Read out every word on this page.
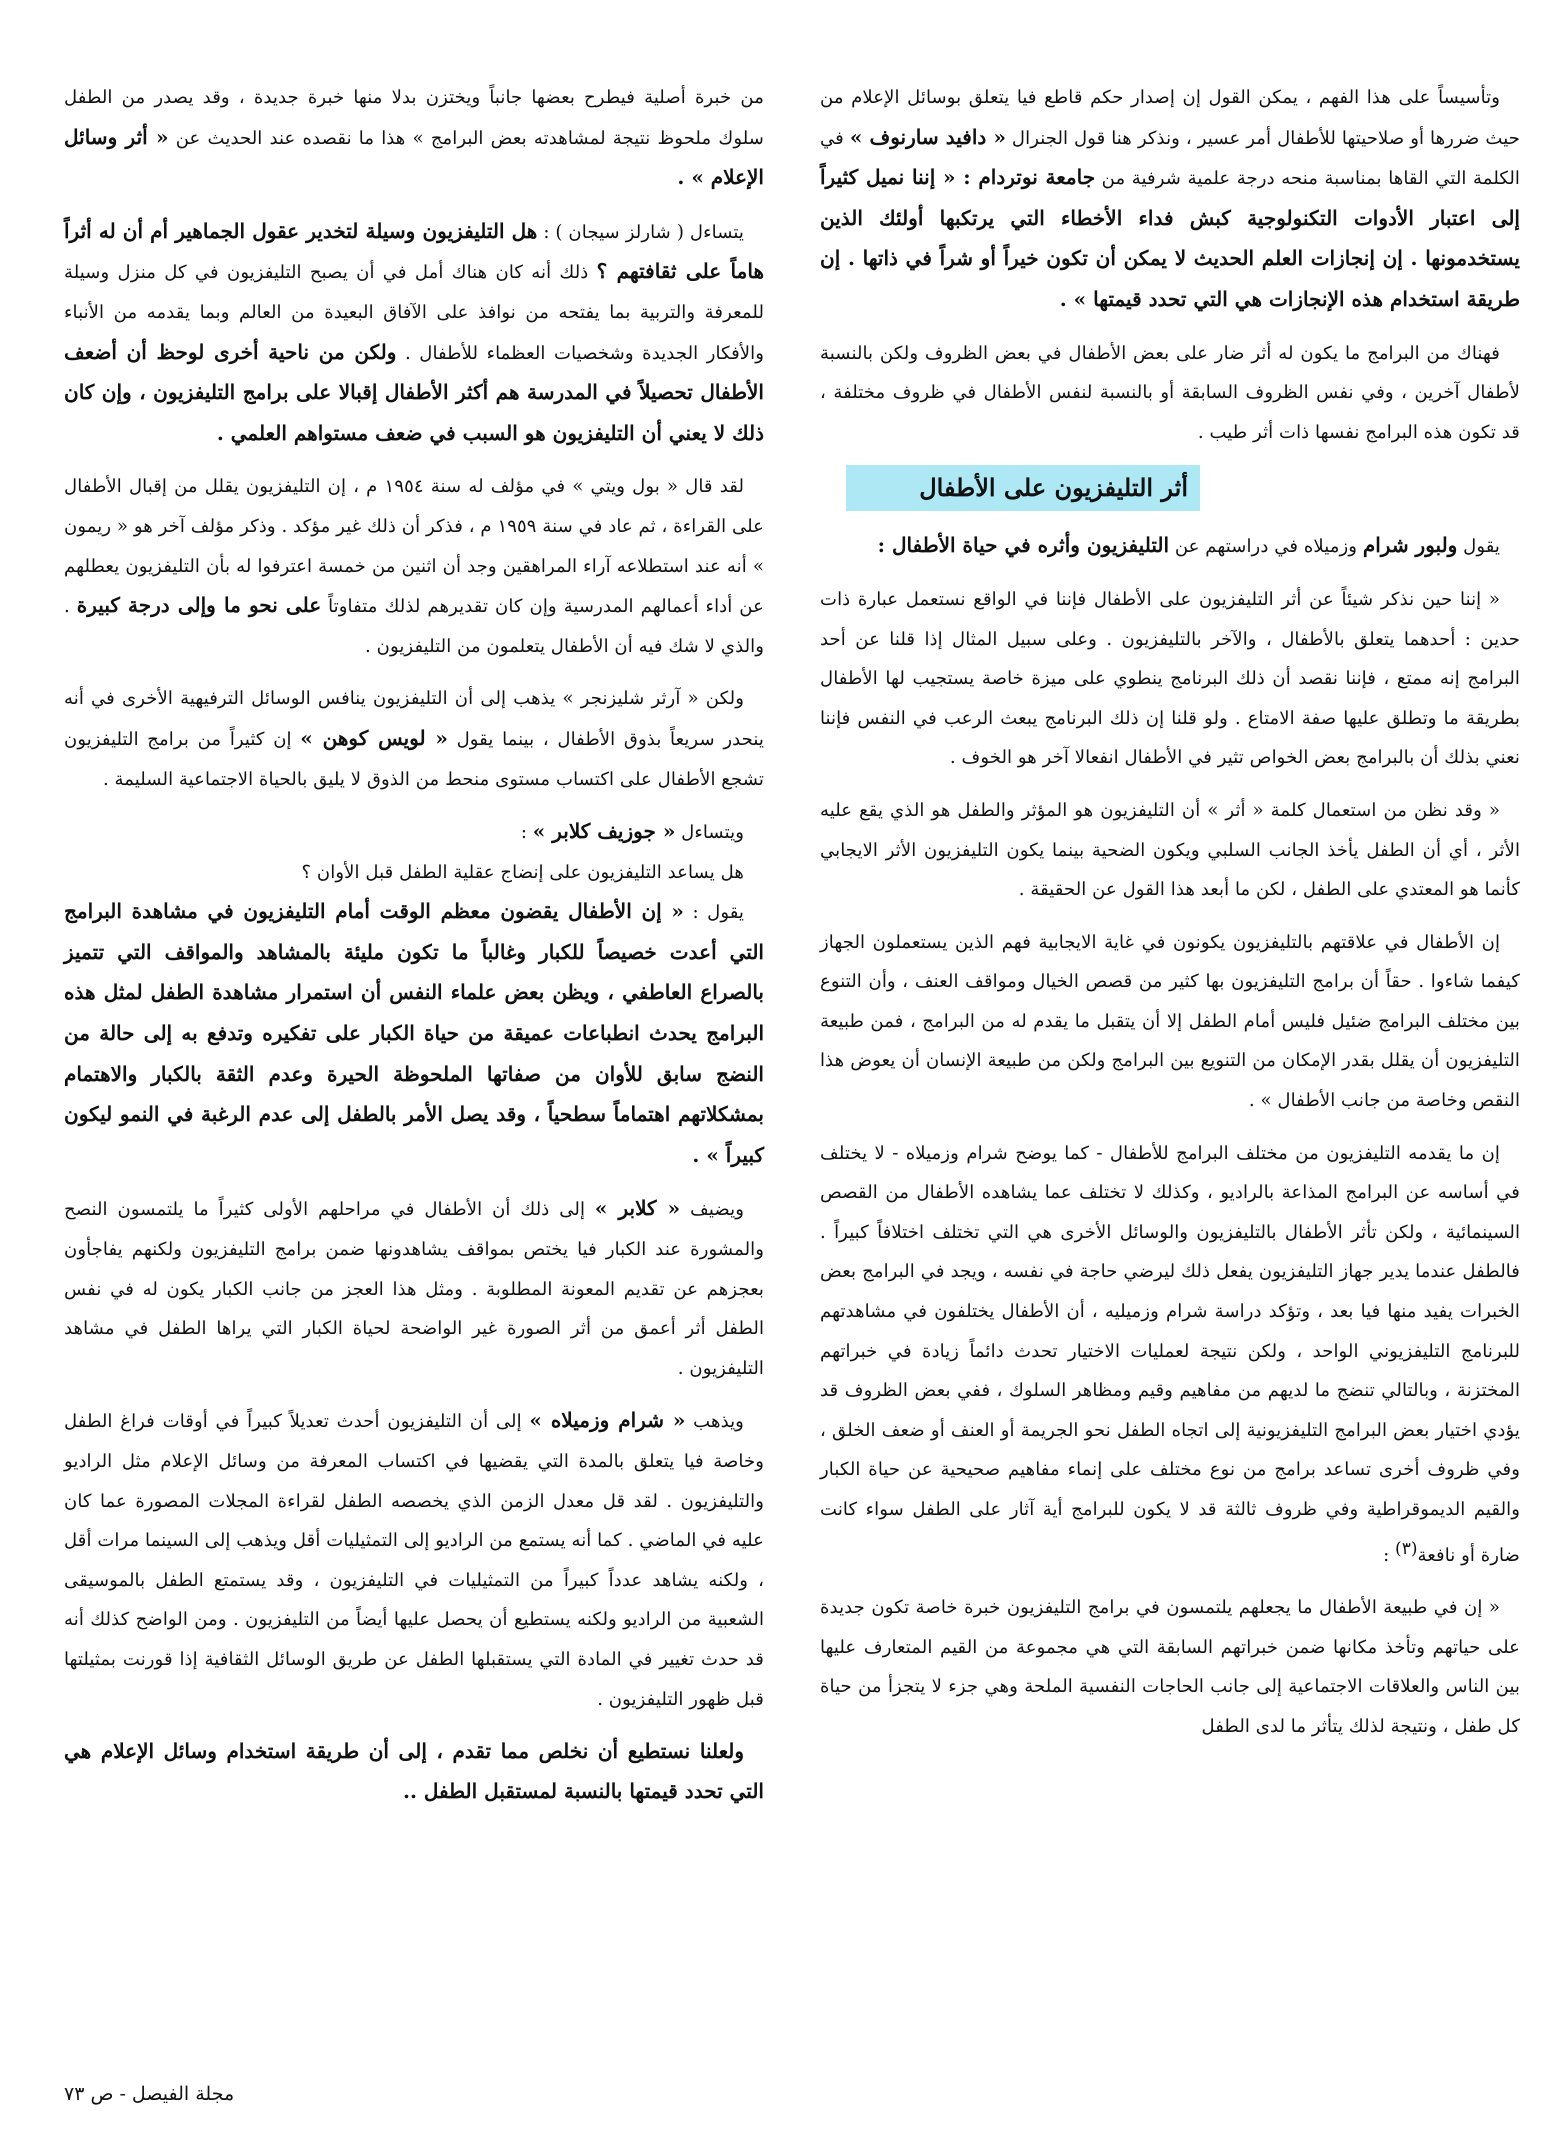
وتأسيساً على هذا الفهم ، يمكن القول إن إصدار حكم قاطع فيا يتعلق بوسائل الإعلام من حيث ضررها أو صلاحيتها للأطفال أمر عسير ، ونذكر هنا قول الجنرال « دافيد سارنوف » في الكلمة التي القاها بمناسبة منحه درجة علمية شرفية من جامعة نوتردام : « إننا نميل كثيراً إلى اعتبار الأدوات التكنولوجية كبش فداء الأخطاء التي يرتكبها أولئك الذين يستخدمونها . إن إنجازات العلم الحديث لا يمكن أن تكون خيراً أو شراً في ذاتها . إن طريقة استخدام هذه الإنجازات هي التي تحدد قيمتها » .

فهناك من البرامج ما يكون له أثر ضار على بعض الأطفال في بعض الظروف ولكن بالنسبة لأطفال آخرين ، وفي نفس الظروف السابقة أو بالنسبة لنفس الأطفال في ظروف مختلفة ، قد تكون هذه البرامج نفسها ذات أثر طيب .

أثر التليفزيون على الأطفال

يقول ولبور شرام وزميلاه في دراستهم عن التليفزيون وأثره في حياة الأطفال :

« إننا حين نذكر شيئاً عن أثر التليفزيون على الأطفال فإننا في الواقع نستعمل عبارة ذات حدين : أحدهما يتعلق بالأطفال ، والآخر بالتليفزيون . وعلى سبيل المثال إذا قلنا عن أحد البرامج إنه ممتع ، فإننا نقصد أن ذلك البرنامج ينطوي على ميزة خاصة يستجيب لها الأطفال بطريقة ما وتطلق عليها صفة الامتاع . ولو قلنا إن ذلك البرنامج يبعث الرعب في النفس فإننا نعني بذلك أن بالبرامج بعض الخواص تثير في الأطفال انفعالا آخر هو الخوف .

« وقد نظن من استعمال كلمة « أثر » أن التليفزيون هو المؤثر والطفل هو الذي يقع عليه الأثر ، أي أن الطفل يأخذ الجانب السلبي ويكون الضحية بينما يكون التليفزيون الأثر الايجابي كأنما هو المعتدي على الطفل ، لكن ما أبعد هذا القول عن الحقيقة .

إن الأطفال في علاقتهم بالتليفزيون يكونون في غاية الايجابية فهم الذين يستعملون الجهاز كيفما شاءوا . حقاً أن برامج التليفزيون بها كثير من قصص الخيال ومواقف العنف ، وأن التنوع بين مختلف البرامج ضئيل فليس أمام الطفل إلا أن يتقبل ما يقدم له من البرامج ، فمن طبيعة التليفزيون أن يقلل بقدر الإمكان من التنويع بين البرامج ولكن من طبيعة الإنسان أن يعوض هذا النقص وخاصة من جانب الأطفال » .

إن ما يقدمه التليفزيون من مختلف البرامج للأطفال - كما يوضح شرام وزميلاه - لا يختلف في أساسه عن البرامج المذاعة بالراديو ، وكذلك لا تختلف عما يشاهده الأطفال من القصص السينمائية ، ولكن تأثر الأطفال بالتليفزيون والوسائل الأخرى هي التي تختلف اختلافاً كبيراً . فالطفل عندما يدير جهاز التليفزيون يفعل ذلك ليرضي حاجة في نفسه ، ويجد في البرامج بعض الخبرات يفيد منها فيا بعد ، وتؤكد دراسة شرام وزميليه ، أن الأطفال يختلفون في مشاهدتهم للبرنامج التليفزيوني الواحد ، ولكن نتيجة لعمليات الاختيار تحدث دائماً زيادة في خبراتهم المختزنة ، وبالتالي تنضج ما لديهم من مفاهيم وقيم ومظاهر السلوك ، ففي بعض الظروف قد يؤدي اختيار بعض البرامج التليفزيونية إلى اتجاه الطفل نحو الجريمة أو العنف أو ضعف الخلق ، وفي ظروف أخرى تساعد برامج من نوع مختلف على إنماء مفاهيم صحيحية عن حياة الكبار والقيم الديموقراطية وفي ظروف ثالثة قد لا يكون للبرامج أية آثار على الطفل سواء كانت ضارة أو نافعة$^{(٣)}$ :

« إن في طبيعة الأطفال ما يجعلهم يلتمسون في برامج التليفزيون خبرة خاصة تكون جديدة على حياتهم وتأخذ مكانها ضمن خبراتهم السابقة التي هي مجموعة من القيم المتعارف عليها بين الناس والعلاقات الاجتماعية إلى جانب الحاجات النفسية الملحة وهي جزء لا يتجزأ من حياة كل طفل ، ونتيجة لذلك يتأثر ما لدى الطفل

من خبرة أصلية فيطرح بعضها جانباً ويختزن بدلا منها خبرة جديدة ، وقد يصدر من الطفل سلوك ملحوظ نتيجة لمشاهدته بعض البرامج » هذا ما نقصده عند الحديث عن « أثر وسائل الإعلام » .

يتساءل ( شارلز سيجان ) : هل التليفزيون وسيلة لتخدير عقول الجماهير أم أن له أثراً هاماً على ثقافتهم ؟ ذلك أنه كان هناك أمل في أن يصبح التليفزيون في كل منزل وسيلة للمعرفة والتربية بما يفتحه من نوافذ على الآفاق البعيدة من العالم وبما يقدمه من الأنباء والأفكار الجديدة وشخصيات العظماء للأطفال . ولكن من ناحية أخرى لوحظ أن أضعف الأطفال تحصيلاً في المدرسة هم أكثر الأطفال إقبالا على برامج التليفزيون ، وإن كان ذلك لا يعني أن التليفزيون هو السبب في ضعف مستواهم العلمي .

لقد قال « بول ويتي » في مؤلف له سنة ١٩٥٤ م ، إن التليفزيون يقلل من إقبال الأطفال على القراءة ، ثم عاد في سنة ١٩٥٩ م ، فذكر أن ذلك غير مؤكد . وذكر مؤلف آخر هو « ريمون » أنه عند استطلاعه آراء المراهقين وجد أن اثنين من خمسة اعترفوا له بأن التليفزيون يعطلهم عن أداء أعمالهم المدرسية وإن كان تقديرهم لذلك متفاوتاً على نحو ما وإلى درجة كبيرة . والذي لا شك فيه أن الأطفال يتعلمون من التليفزيون .

ولكن « آرثر شليزنجر » يذهب إلى أن التليفزيون ينافس الوسائل الترفيهية الأخرى في أنه ينحدر سريعاً بذوق الأطفال ، بينما يقول « لويس كوهن » إن كثيراً من برامج التليفزيون تشجع الأطفال على اكتساب مستوى منحط من الذوق لا يليق بالحياة الاجتماعية السليمة .

ويتساءل « جوزيف كلابر » :

هل يساعد التليفزيون على إنضاج عقلية الطفل قبل الأوان ؟

يقول : « إن الأطفال يقضون معظم الوقت أمام التليفزيون في مشاهدة البرامج التي أعدت خصيصاً للكبار وغالباً ما تكون مليئة بالمشاهد والمواقف التي تتميز بالصراع العاطفي ، ويظن بعض علماء النفس أن استمرار مشاهدة الطفل لمثل هذه البرامج يحدث انطباعات عميقة من حياة الكبار على تفكيره وتدفع به إلى حالة من النضج سابق للأوان من صفاتها الملحوظة الحيرة وعدم الثقة بالكبار والاهتمام بمشكلاتهم اهتماماً سطحياً ، وقد يصل الأمر بالطفل إلى عدم الرغبة في النمو ليكون كبيراً » .

ويضيف « كلابر » إلى ذلك أن الأطفال في مراحلهم الأولى كثيراً ما يلتمسون النصح والمشورة عند الكبار فيا يختص بمواقف يشاهدونها ضمن برامج التليفزيون ولكنهم يفاجأون بعجزهم عن تقديم المعونة المطلوبة . ومثل هذا العجز من جانب الكبار يكون له في نفس الطفل أثر أعمق من أثر الصورة غير الواضحة لحياة الكبار التي يراها الطفل في مشاهد التليفزيون .

ويذهب « شرام وزميلاه » إلى أن التليفزيون أحدث تعديلاً كبيراً في أوقات فراغ الطفل وخاصة فيا يتعلق بالمدة التي يقضيها في اكتساب المعرفة من وسائل الإعلام مثل الراديو والتليفزيون . لقد قل معدل الزمن الذي يخصصه الطفل لقراءة المجلات المصورة عما كان عليه في الماضي . كما أنه يستمع من الراديو إلى التمثيليات أقل ويذهب إلى السينما مرات أقل ، ولكنه يشاهد عدداً كبيراً من التمثيليات في التليفزيون ، وقد يستمتع الطفل بالموسيقى الشعبية من الراديو ولكنه يستطيع أن يحصل عليها أيضاً من التليفزيون . ومن الواضح كذلك أنه قد حدث تغيير في المادة التي يستقبلها الطفل عن طريق الوسائل الثقافية إذا قورنت بمثيلتها قبل ظهور التليفزيون .

ولعلنا نستطيع أن نخلص مما تقدم ، إلى أن طريقة استخدام وسائل الإعلام هي التي تحدد قيمتها بالنسبة لمستقبل الطفل ..

مجلة الفيصل - ص ٧٣
